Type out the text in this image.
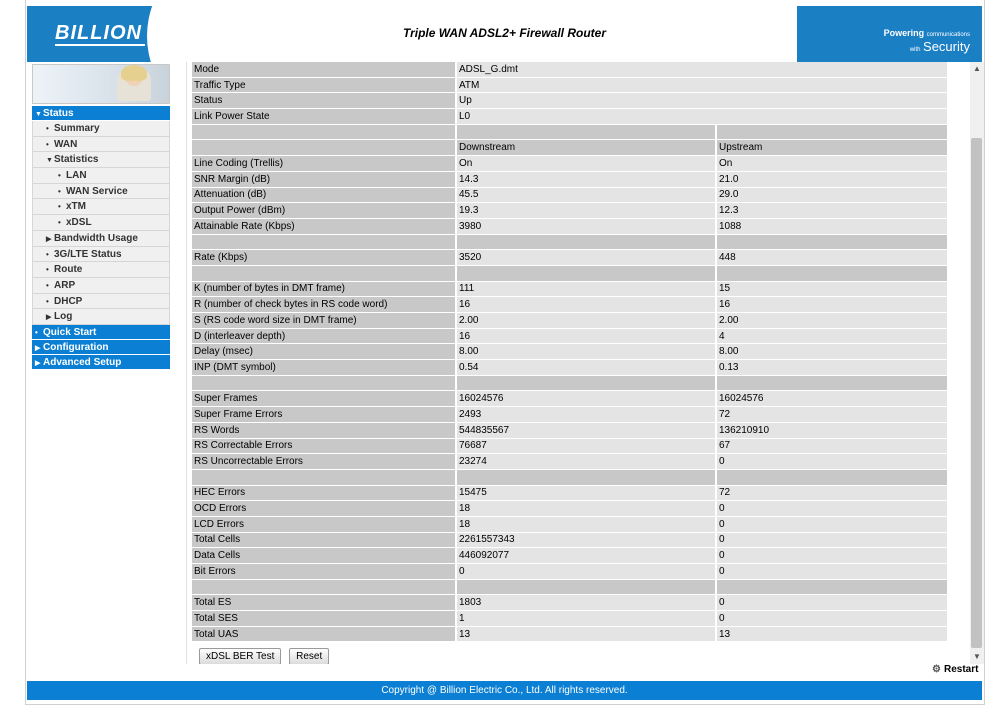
BILLION	Triple WAN ADSL2+ Firewall Router	Powering communications
with Security
▼Status
• Summary
• WAN
▼Statistics
• LAN
• WAN Service
• xTM
• xDSL
▶ Bandwidth Usage
• 3G/LTE Status
• Route
• ARP
• DHCP
▶ Log
• Quick Start
▶ Configuration
▶ Advanced Setup
Mode	ADSL_G.dmt	
Traffic Type	ATM	
Status	Up	
Link Power State	L0	

	Downstream	Upstream
Line Coding (Trellis)	On	On
SNR Margin (dB)	14.3	21.0
Attenuation (dB)	45.5	29.0
Output Power (dBm)	19.3	12.3
Attainable Rate (Kbps)	3980	1088

Rate (Kbps)	3520	448

K (number of bytes in DMT frame)	111	15
R (number of check bytes in RS code word)	16	16
S (RS code word size in DMT frame)	2.00	2.00
D (interleaver depth)	16	4
Delay (msec)	8.00	8.00
INP (DMT symbol)	0.54	0.13

Super Frames	16024576	16024576
Super Frame Errors	2493	72
RS Words	544835567	136210910
RS Correctable Errors	76687	67
RS Uncorrectable Errors	23274	0

HEC Errors	15475	72
OCD Errors	18	0
LCD Errors	18	0
Total Cells	2261557343	0
Data Cells	446092077	0
Bit Errors	0	0

Total ES	1803	0
Total SES	1	0
Total UAS	13	13
xDSL BER Test Reset
▲
▼
⚙ Restart
Copyright @ Billion Electric Co., Ltd. All rights reserved.
